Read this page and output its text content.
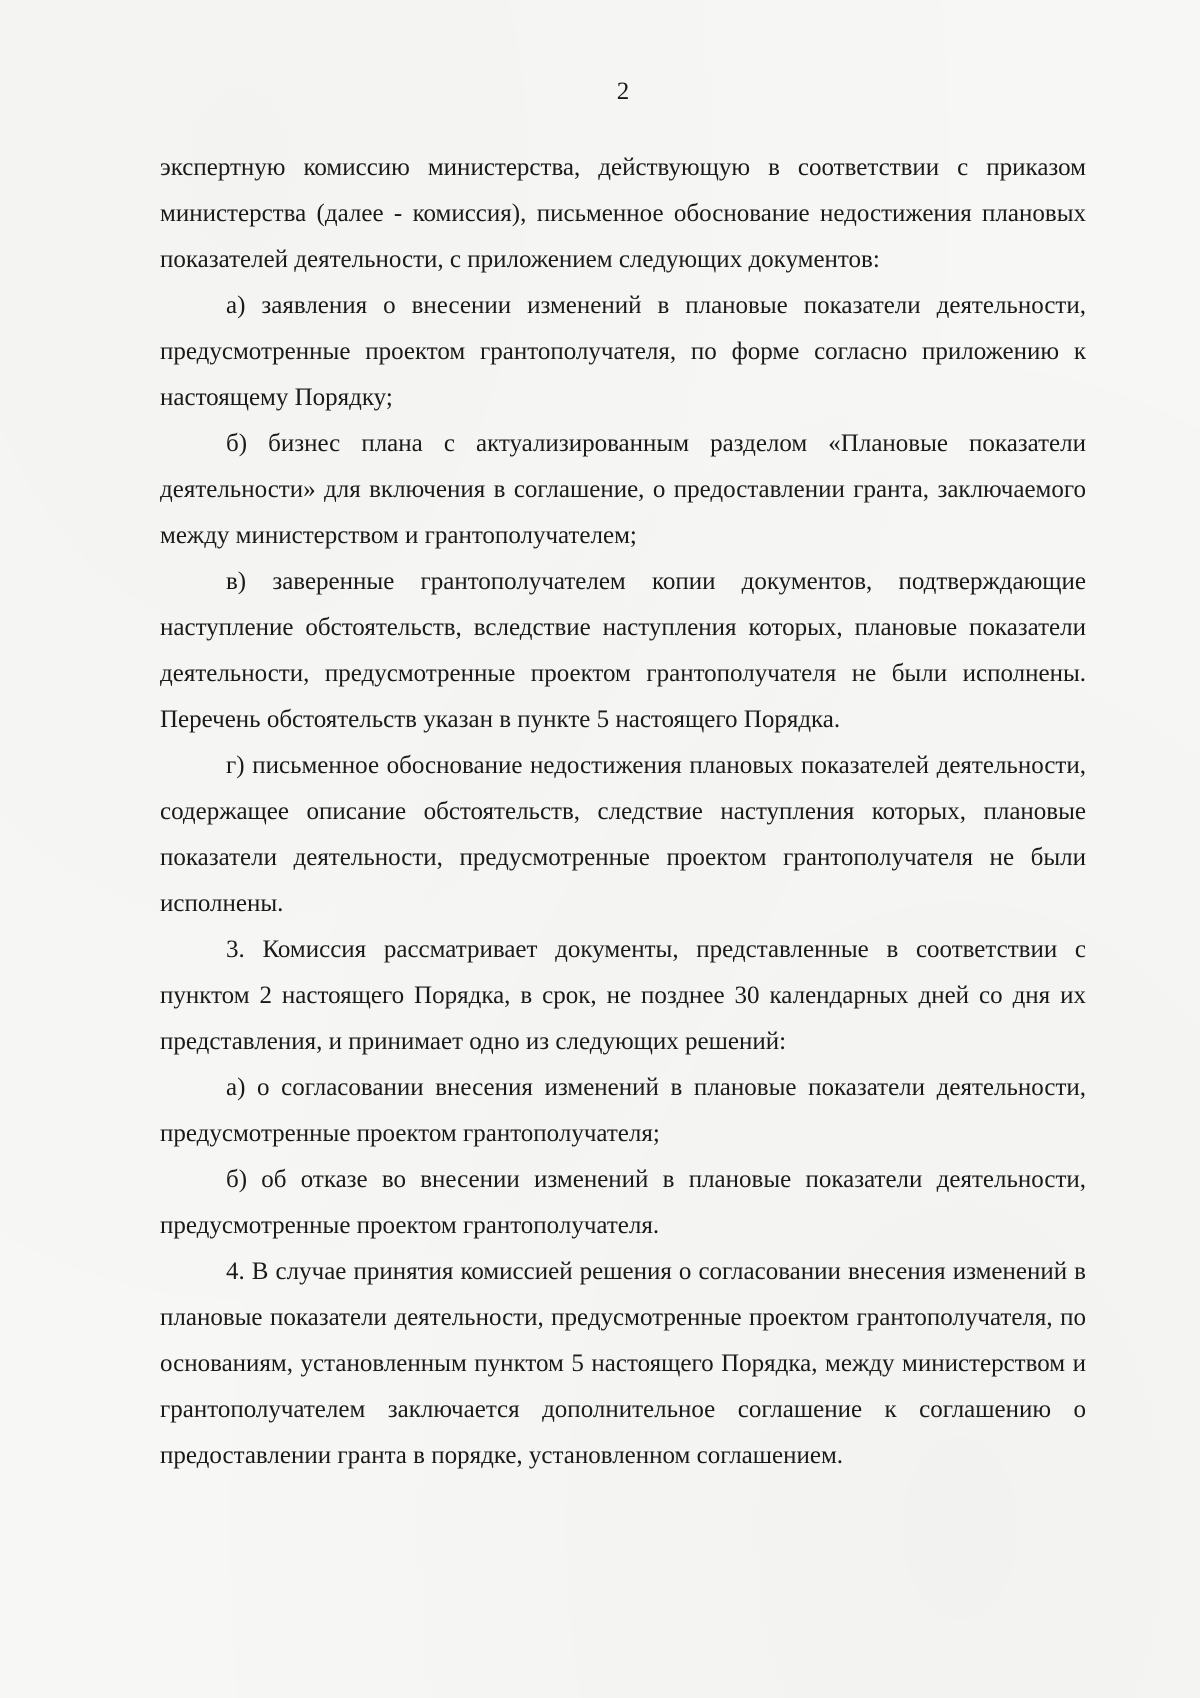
2

экспертную комиссию министерства, действующую в соответствии с приказом министерства (далее - комиссия), письменное обоснование недостижения плановых показателей деятельности, с приложением следующих документов:

а) заявления о внесении изменений в плановые показатели деятельности, предусмотренные проектом грантополучателя, по форме согласно приложению к настоящему Порядку;

б) бизнес плана с актуализированным разделом «Плановые показатели деятельности» для включения в соглашение, о предоставлении гранта, заключаемого между министерством и грантополучателем;

в) заверенные грантополучателем копии документов, подтверждающие наступление обстоятельств, вследствие наступления которых, плановые показатели деятельности, предусмотренные проектом грантополучателя не были исполнены. Перечень обстоятельств указан в пункте 5 настоящего Порядка.

г) письменное обоснование недостижения плановых показателей деятельности, содержащее описание обстоятельств, следствие наступления которых, плановые показатели деятельности, предусмотренные проектом грантополучателя не были исполнены.

3. Комиссия рассматривает документы, представленные в соответствии с пунктом 2 настоящего Порядка, в срок, не позднее 30 календарных дней со дня их представления, и принимает одно из следующих решений:

а) о согласовании внесения изменений в плановые показатели деятельности, предусмотренные проектом грантополучателя;

б) об отказе во внесении изменений в плановые показатели деятельности, предусмотренные проектом грантополучателя.

4. В случае принятия комиссией решения о согласовании внесения изменений в плановые показатели деятельности, предусмотренные проектом грантополучателя, по основаниям, установленным пунктом 5 настоящего Порядка, между министерством и грантополучателем заключается дополнительное соглашение к соглашению о предоставлении гранта в порядке, установленном соглашением.
